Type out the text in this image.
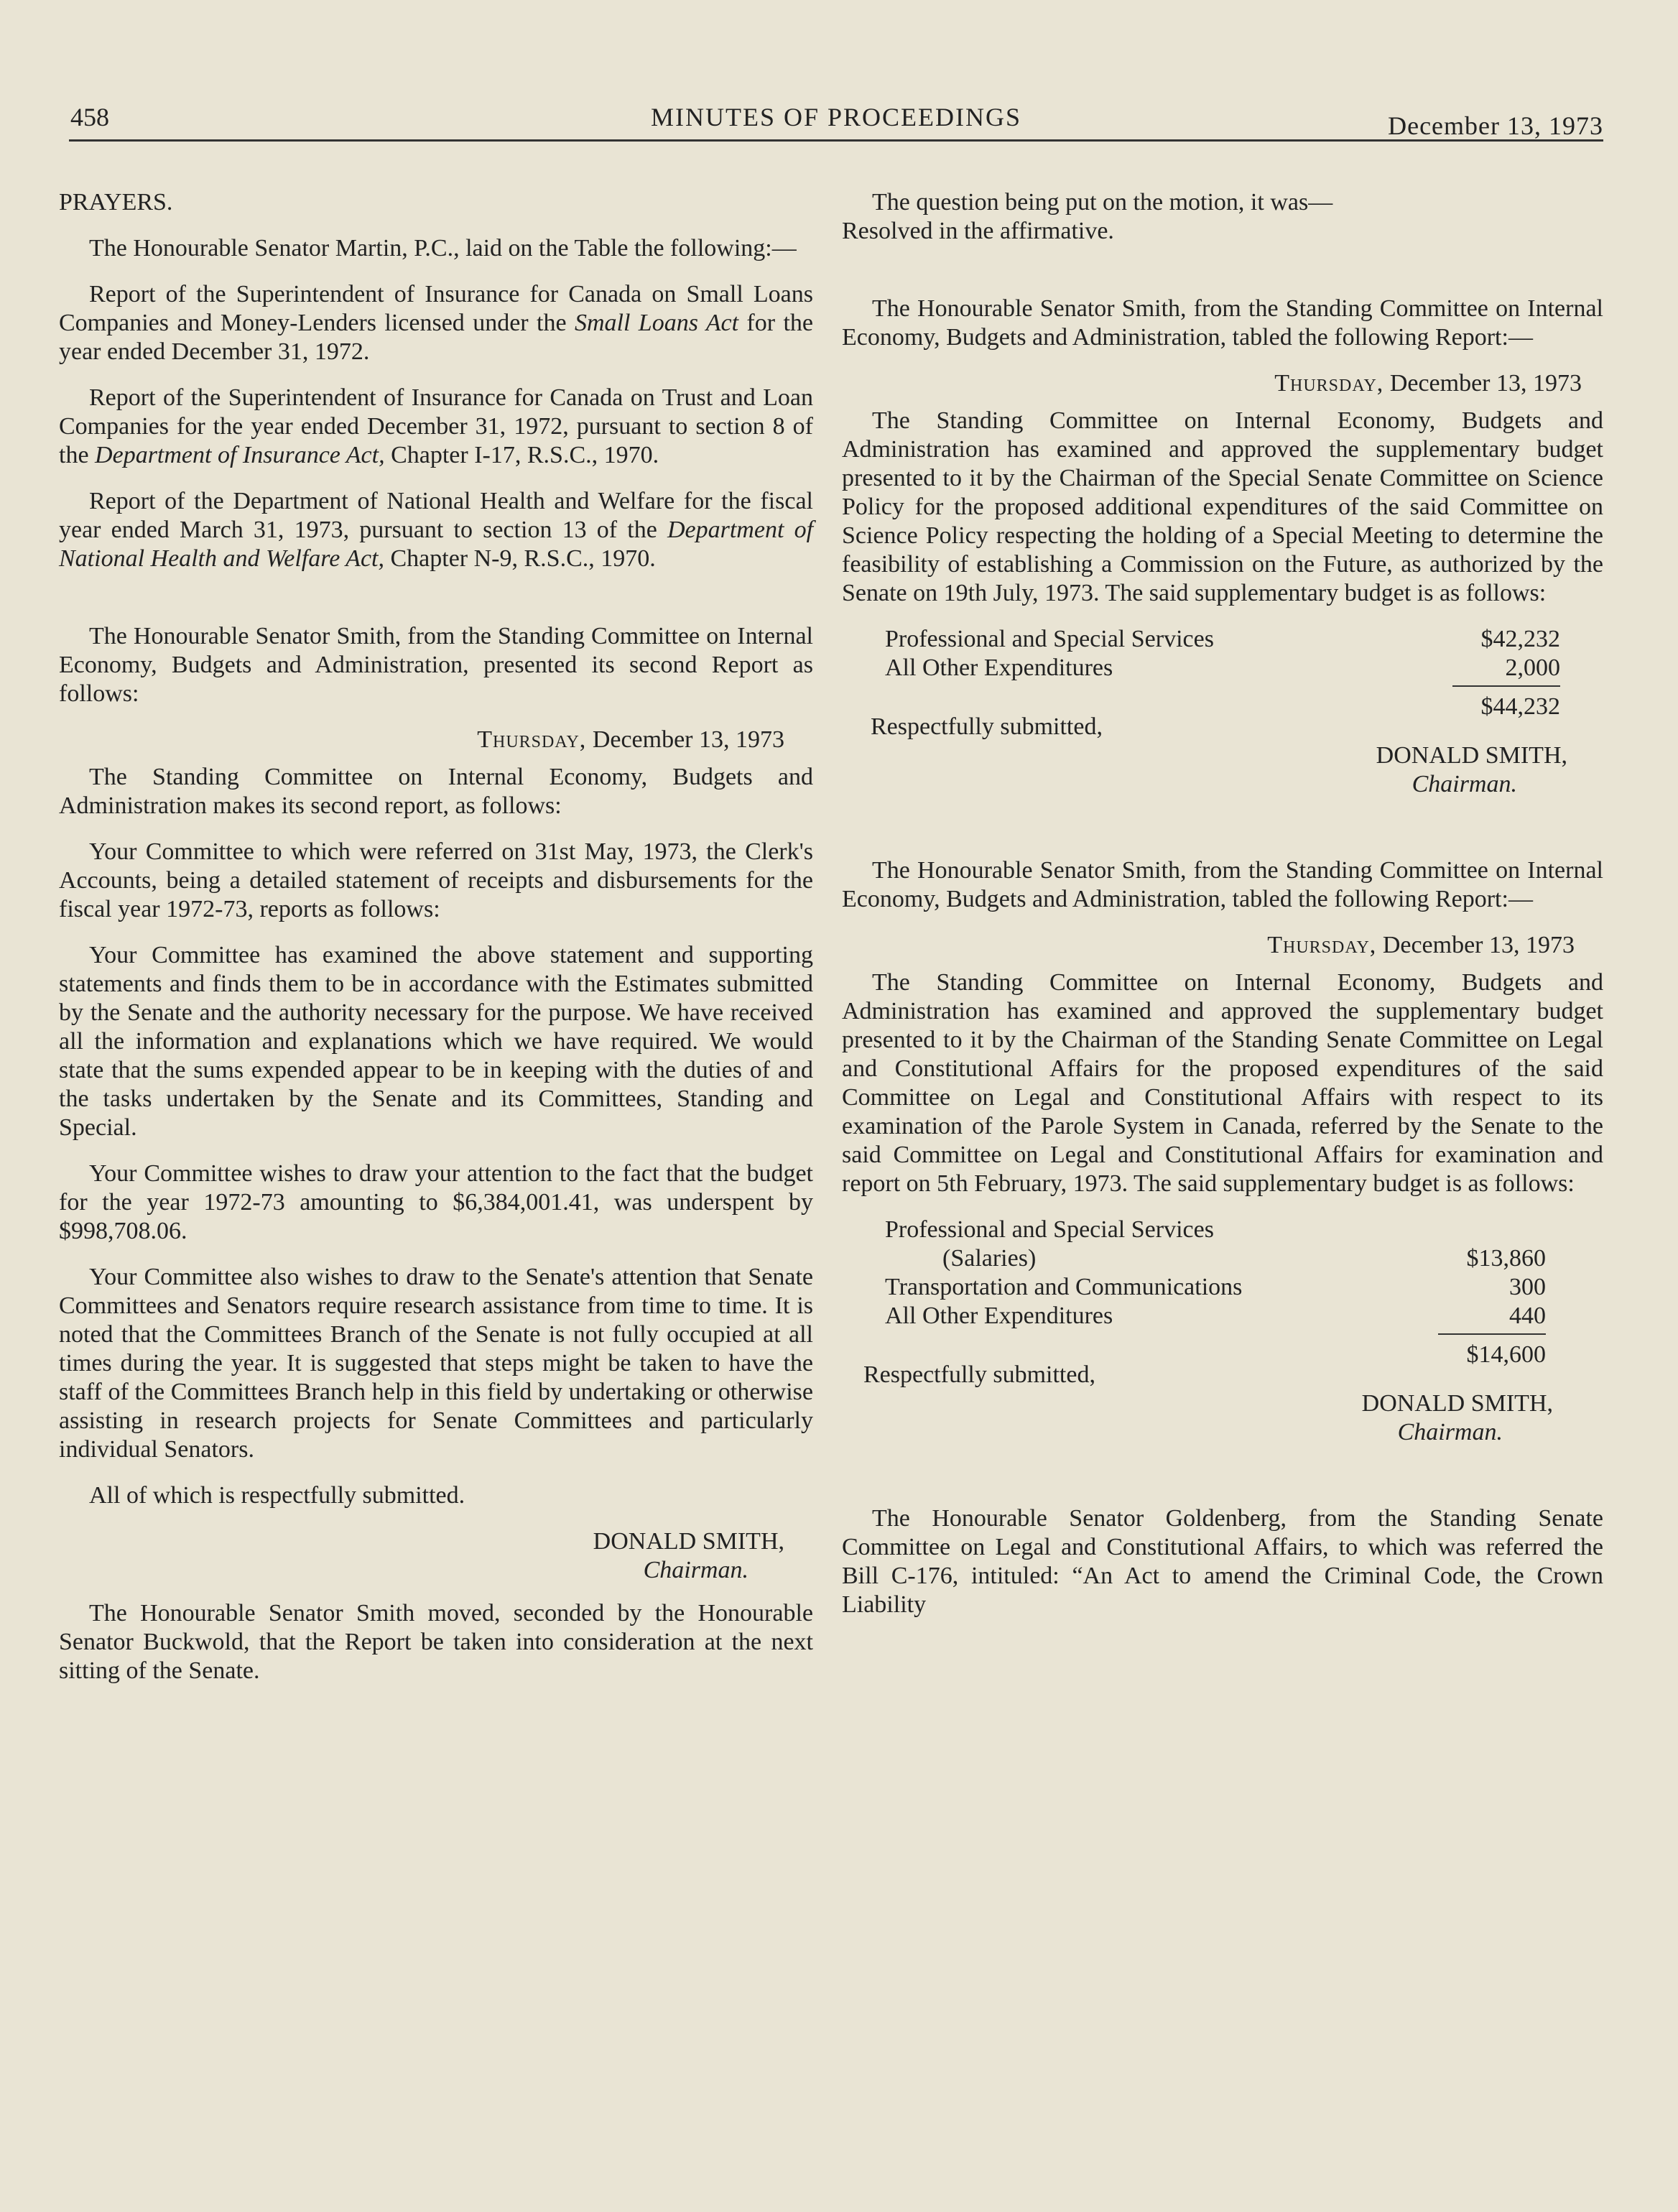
458	MINUTES OF PROCEEDINGS	December 13, 1973

PRAYERS.

The Honourable Senator Martin, P.C., laid on the Table the following:—

Report of the Superintendent of Insurance for Canada on Small Loans Companies and Money-Lenders licensed under the Small Loans Act for the year ended December 31, 1972.

Report of the Superintendent of Insurance for Canada on Trust and Loan Companies for the year ended December 31, 1972, pursuant to section 8 of the Department of Insurance Act, Chapter I-17, R.S.C., 1970.

Report of the Department of National Health and Welfare for the fiscal year ended March 31, 1973, pursuant to section 13 of the Department of National Health and Welfare Act, Chapter N-9, R.S.C., 1970.

The Honourable Senator Smith, from the Standing Committee on Internal Economy, Budgets and Administration, presented its second Report as follows:

Thursday, December 13, 1973

The Standing Committee on Internal Economy, Budgets and Administration makes its second report, as follows:

Your Committee to which were referred on 31st May, 1973, the Clerk's Accounts, being a detailed statement of receipts and disbursements for the fiscal year 1972-73, reports as follows:

Your Committee has examined the above statement and supporting statements and finds them to be in accordance with the Estimates submitted by the Senate and the authority necessary for the purpose. We have received all the information and explanations which we have required. We would state that the sums expended appear to be in keeping with the duties of and the tasks undertaken by the Senate and its Committees, Standing and Special.

Your Committee wishes to draw your attention to the fact that the budget for the year 1972-73 amounting to $6,384,001.41, was underspent by $998,708.06.

Your Committee also wishes to draw to the Senate's attention that Senate Committees and Senators require research assistance from time to time. It is noted that the Committees Branch of the Senate is not fully occupied at all times during the year. It is suggested that steps might be taken to have the staff of the Committees Branch help in this field by undertaking or otherwise assisting in research projects for Senate Committees and particularly individual Senators.

All of which is respectfully submitted.

DONALD SMITH,

Chairman.

The Honourable Senator Smith moved, seconded by the Honourable Senator Buckwold, that the Report be taken into consideration at the next sitting of the Senate.

The question being put on the motion, it was—

Resolved in the affirmative.

The Honourable Senator Smith, from the Standing Committee on Internal Economy, Budgets and Administration, tabled the following Report:—

Thursday, December 13, 1973

The Standing Committee on Internal Economy, Budgets and Administration has examined and approved the supplementary budget presented to it by the Chairman of the Special Senate Committee on Science Policy for the proposed additional expenditures of the said Committee on Science Policy respecting the holding of a Special Meeting to determine the feasibility of establishing a Commission on the Future, as authorized by the Senate on 19th July, 1973. The said supplementary budget is as follows:

Professional and Special Services	$42,232
All Other Expenditures	2,000
$44,232

Respectfully submitted,

DONALD SMITH,

Chairman.

The Honourable Senator Smith, from the Standing Committee on Internal Economy, Budgets and Administration, tabled the following Report:—

Thursday, December 13, 1973

The Standing Committee on Internal Economy, Budgets and Administration has examined and approved the supplementary budget presented to it by the Chairman of the Standing Senate Committee on Legal and Constitutional Affairs for the proposed expenditures of the said Committee on Legal and Constitutional Affairs with respect to its examination of the Parole System in Canada, referred by the Senate to the said Committee on Legal and Constitutional Affairs for examination and report on 5th February, 1973. The said supplementary budget is as follows:

Professional and Special Services
(Salaries)	$13,860
Transportation and Communications	300
All Other Expenditures	440
$14,600

Respectfully submitted,

DONALD SMITH,

Chairman.

The Honourable Senator Goldenberg, from the Standing Senate Committee on Legal and Constitutional Affairs, to which was referred the Bill C-176, intituled: “An Act to amend the Criminal Code, the Crown Liability
